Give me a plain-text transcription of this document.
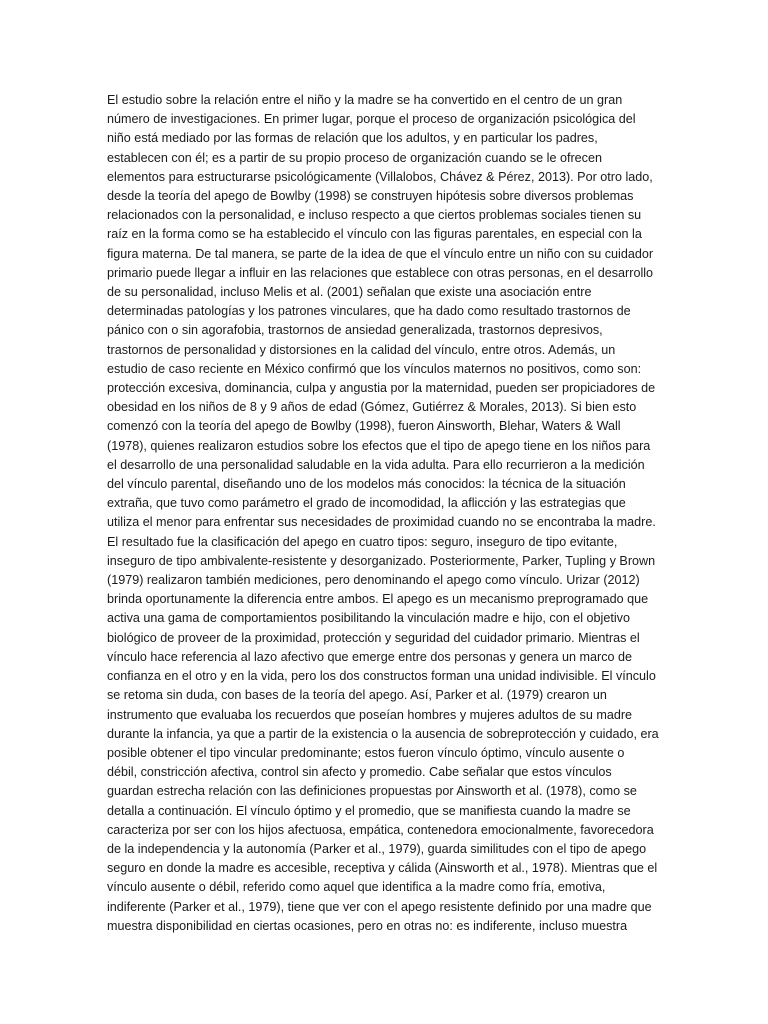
El estudio sobre la relación entre el niño y la madre se ha convertido en el centro de un gran
número de investigaciones. En primer lugar, porque el proceso de organización psicológica del
niño está mediado por las formas de relación que los adultos, y en particular los padres,
establecen con él; es a partir de su propio proceso de organización cuando se le ofrecen
elementos para estructurarse psicológicamente (Villalobos, Chávez & Pérez, 2013). Por otro lado,
desde la teoría del apego de Bowlby (1998) se construyen hipótesis sobre diversos problemas
relacionados con la personalidad, e incluso respecto a que ciertos problemas sociales tienen su
raíz en la forma como se ha establecido el vínculo con las figuras parentales, en especial con la
figura materna. De tal manera, se parte de la idea de que el vínculo entre un niño con su cuidador
primario puede llegar a influir en las relaciones que establece con otras personas, en el desarrollo
de su personalidad, incluso Melis et al. (2001) señalan que existe una asociación entre
determinadas patologías y los patrones vinculares, que ha dado como resultado trastornos de
pánico con o sin agorafobia, trastornos de ansiedad generalizada, trastornos depresivos,
trastornos de personalidad y distorsiones en la calidad del vínculo, entre otros. Además, un
estudio de caso reciente en México confirmó que los vínculos maternos no positivos, como son:
protección excesiva, dominancia, culpa y angustia por la maternidad, pueden ser propiciadores de
obesidad en los niños de 8 y 9 años de edad (Gómez, Gutiérrez & Morales, 2013). Si bien esto
comenzó con la teoría del apego de Bowlby (1998), fueron Ainsworth, Blehar, Waters & Wall
(1978), quienes realizaron estudios sobre los efectos que el tipo de apego tiene en los niños para
el desarrollo de una personalidad saludable en la vida adulta. Para ello recurrieron a la medición
del vínculo parental, diseñando uno de los modelos más conocidos: la técnica de la situación
extraña, que tuvo como parámetro el grado de incomodidad, la aflicción y las estrategias que
utiliza el menor para enfrentar sus necesidades de proximidad cuando no se encontraba la madre.
El resultado fue la clasificación del apego en cuatro tipos: seguro, inseguro de tipo evitante,
inseguro de tipo ambivalente-resistente y desorganizado. Posteriormente, Parker, Tupling y Brown
(1979) realizaron también mediciones, pero denominando el apego como vínculo. Urizar (2012)
brinda oportunamente la diferencia entre ambos. El apego es un mecanismo preprogramado que
activa una gama de comportamientos posibilitando la vinculación madre e hijo, con el objetivo
biológico de proveer de la proximidad, protección y seguridad del cuidador primario. Mientras el
vínculo hace referencia al lazo afectivo que emerge entre dos personas y genera un marco de
confianza en el otro y en la vida, pero los dos constructos forman una unidad indivisible. El vínculo
se retoma sin duda, con bases de la teoría del apego. Así, Parker et al. (1979) crearon un
instrumento que evaluaba los recuerdos que poseían hombres y mujeres adultos de su madre
durante la infancia, ya que a partir de la existencia o la ausencia de sobreprotección y cuidado, era
posible obtener el tipo vincular predominante; estos fueron vínculo óptimo, vínculo ausente o
débil, constricción afectiva, control sin afecto y promedio. Cabe señalar que estos vínculos
guardan estrecha relación con las definiciones propuestas por Ainsworth et al. (1978), como se
detalla a continuación. El vínculo óptimo y el promedio, que se manifiesta cuando la madre se
caracteriza por ser con los hijos afectuosa, empática, contenedora emocionalmente, favorecedora
de la independencia y la autonomía (Parker et al., 1979), guarda similitudes con el tipo de apego
seguro en donde la madre es accesible, receptiva y cálida (Ainsworth et al., 1978). Mientras que el
vínculo ausente o débil, referido como aquel que identifica a la madre como fría, emotiva,
indiferente (Parker et al., 1979), tiene que ver con el apego resistente definido por una madre que
muestra disponibilidad en ciertas ocasiones, pero en otras no: es indiferente, incluso muestra
